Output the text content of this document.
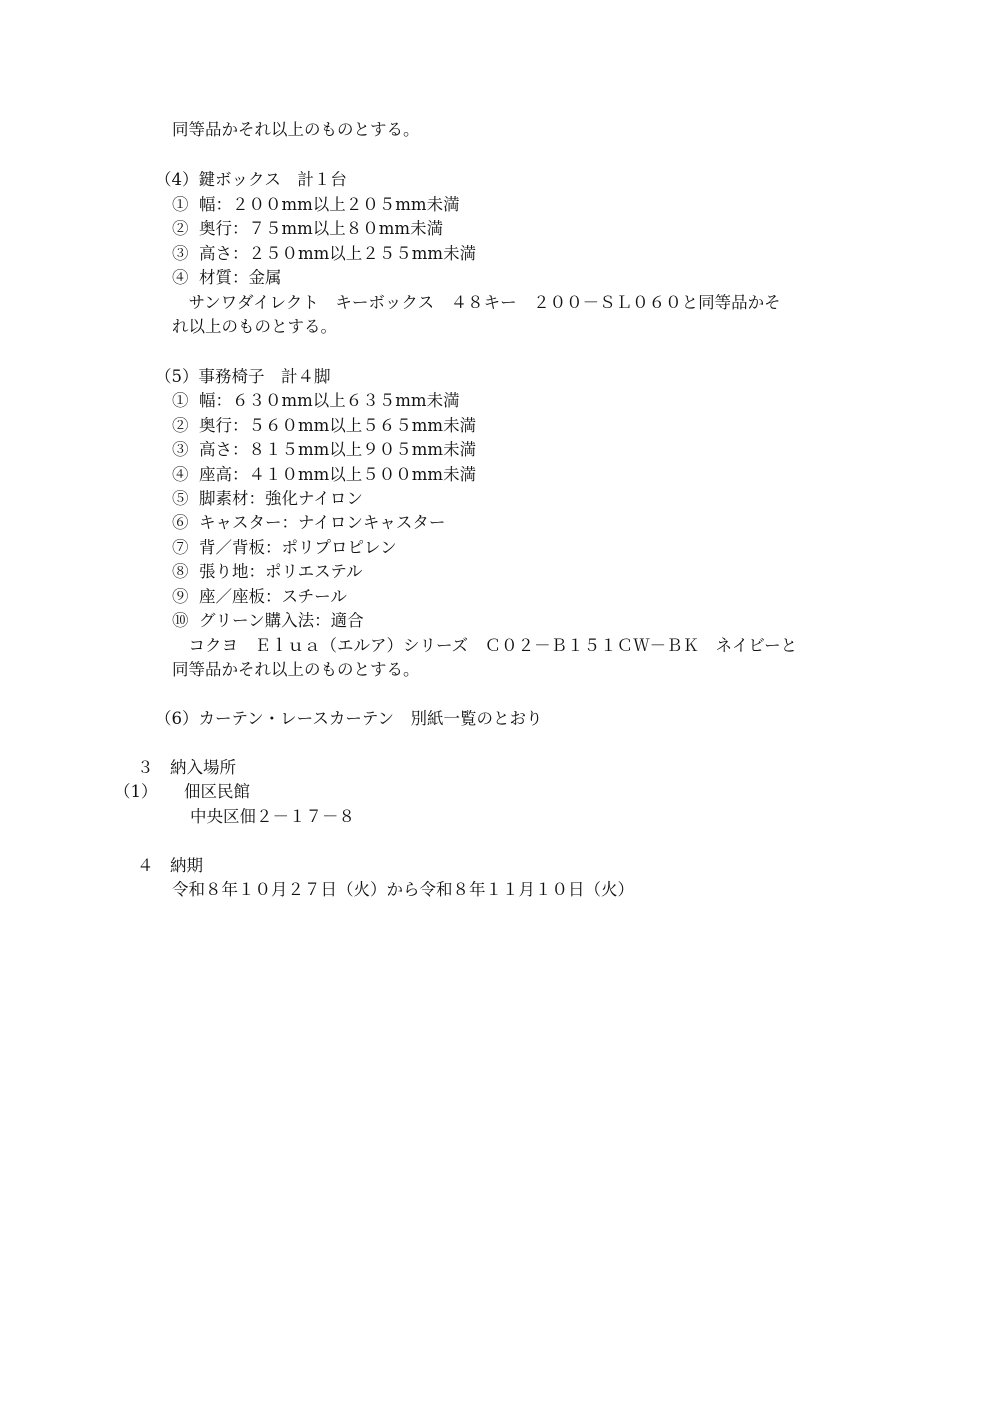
同等品かそれ以上のものとする。
（4）鍵ボックス　計１台
①  幅：２００mm以上２０５mm未満
②  奥行：７５mm以上８０mm未満
③  高さ：２５０mm以上２５５mm未満
④  材質：金属
　サンワダイレクト　キーボックス　４８キー　２００－ＳＬ０６０と同等品かそ
れ以上のものとする。
（5）事務椅子　計４脚
①  幅：６３０mm以上６３５mm未満
②  奥行：５６０mm以上５６５mm未満
③  高さ：８１５mm以上９０５mm未満
④  座高：４１０mm以上５００mm未満
⑤  脚素材：強化ナイロン
⑥  キャスター：ナイロンキャスター
⑦  背／背板：ポリプロピレン
⑧  張り地：ポリエステル
⑨  座／座板：スチール
⑩  グリーン購入法：適合
　コクヨ　Ｅｌｕａ（エルア）シリーズ　Ｃ０２－Ｂ１５１ＣＷ－ＢＫ　ネイビーと
同等品かそれ以上のものとする。
（6）カーテン・レースカーテン　別紙一覧のとおり
３　納入場所
（1） 佃区民館
中央区佃２－１７－８
４　納期
令和８年１０月２７日（火）から令和８年１１月１０日（火）
